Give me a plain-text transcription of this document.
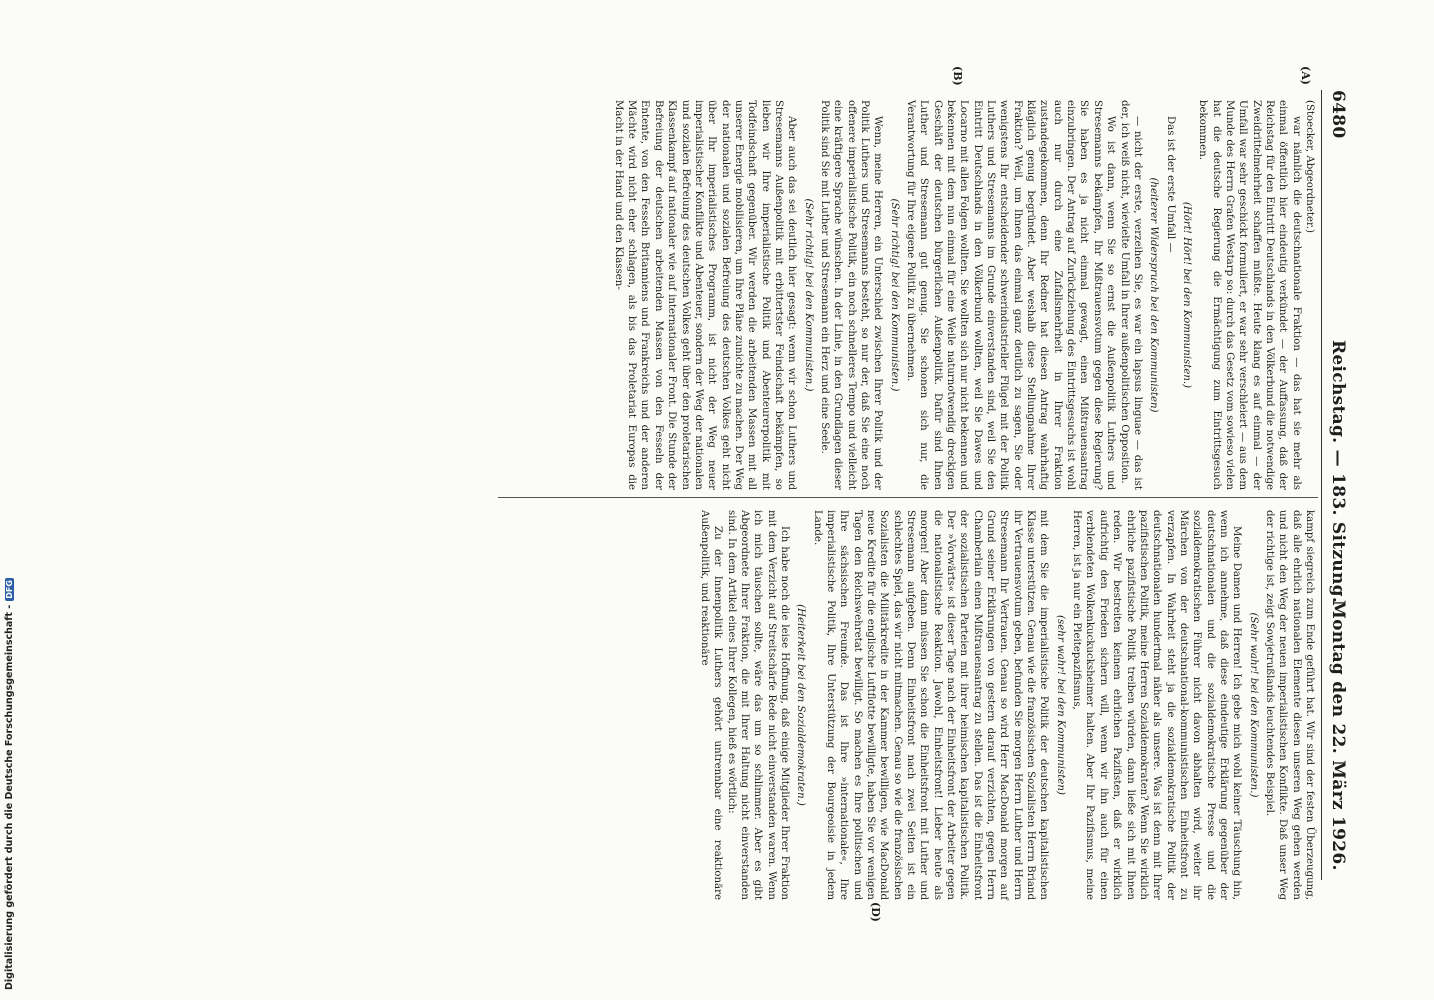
6480
Reichstag. — 183. Sitzung.
Montag den 22. März 1926.
(A)
(B)
(D)

(Stoecker, Abgeordneter.)

war nämlich die deutschnationale Fraktion — das hat sie mehr als einmal öffentlich hier eindeutig verkündet — der Auffassung, daß der Reichstag für den Eintritt Deutschlands in den Völkerbund die notwendige Zweidrittelmehrheit schaffen müßte. Heute klang es auf einmal — der Umfall war sehr geschickt formuliert, er war sehr verschleiert — aus dem Munde des Herrn Grafen Westarp so: durch das Gesetz vom sowieso vielen hat die deutsche Regierung die Ermächtigung zum Eintrittsgesuch bekommen.

(Hört! Hört! bei den Kommunisten.)

Das ist der erste Umfall —

(heiterer Widerspruch bei den Kommunisten)

— nicht der erste, verzeihen Sie, es war ein lapsus linguae — das ist der, ich weiß nicht, wievielte Umfall in Ihrer außenpolitischen Opposition.

Wo ist dann, wenn Sie so ernst die Außenpolitik Luthers und Stresemanns bekämpfen, Ihr Mißtrauensvotum gegen diese Regierung? Sie haben es ja nicht einmal gewagt, einen Mißtrauensantrag einzubringen. Der Antrag auf Zurückziehung des Eintrittsgesuchs ist wohl auch nur durch eine Zufallsmehrheit in Ihrer Fraktion zustandegekommen, denn Ihr Redner hat diesen Antrag wahrhaftig kläglich genug begründet. Aber weshalb diese Stellungnahme Ihrer Fraktion? Weil, um Ihnen das einmal ganz deutlich zu sagen, Sie oder wenigstens Ihr entscheidender schwerindustrieller Flügel mit der Politik Luthers und Stresemanns im Grunde einverstanden sind, weil Sie den Eintritt Deutschlands in den Völkerbund wollten, weil Sie Dawes und Locarno mit allen Folgen wollten. Sie wollten sich nur nicht bekennen und bekennen mit dem nun einmal für eine Weile naturnotwendig dreckigen Geschäft der deutschen bürgerlichen Außenpolitik. Dafür sind Ihnen Luther und Stresemann gut genug. Sie schonen sich nur, die Verantwortung für Ihre eigene Politik zu übernehmen.

(Sehr richtig! bei den Kommunisten.)

Wenn, meine Herren, ein Unterschied zwischen Ihrer Politik und der Politik Luthers und Stresemanns besteht, so nur der, daß Sie eine noch offenere imperialistische Politik, ein noch schnelleres Tempo und vielleicht eine kräftigere Sprache wünschen. In der Linie, in den Grundlagen dieser Politik sind Sie mit Luther und Stresemann ein Herz und eine Seele.

(Sehr richtig! bei den Kommunisten.)

Aber auch das sei deutlich hier gesagt: wenn wir schon Luthers und Stresemanns Außenpolitik mit erbittertster Feindschaft bekämpfen, so lieben wir Ihre imperialistische Politik und Abenteurerpolitik mit Todfeindschaft gegenüber. Wir werden die arbeitenden Massen mit all unserer Energie mobilisieren, um Ihre Pläne zunichte zu machen. Der Weg der nationalen und sozialen Befreiung des deutschen Volkes geht nicht über Ihr imperialistisches Programm, ist nicht der Weg neuer imperialistischer Konflikte und Abenteuer, sondern der Weg der nationalen und sozialen Befreiung des deutschen Volkes geht über den proletarischen Klassenkampf auf nationaler wie auf internationaler Front. Die Stunde der Befreiung der deutschen arbeitenden Massen von den Fesseln der Entente, von den Fesseln Britanniens und Frankreichs und der anderen Mächte wird nicht eher schlagen, als bis das Proletariat Europas die Macht in der Hand und den Klassen-

kampf siegreich zum Ende geführt hat. Wir sind der festen Überzeugung, daß alle ehrlich nationalen Elemente diesen unseren Weg gehen werden und nicht den Weg der neuen imperialistischen Konflikte. Daß unser Weg der richtige ist, zeigt Sowjetrußlands leuchtendes Beispiel.

(Sehr wahr! bei den Kommunisten.)

Meine Damen und Herren! Ich gebe mich wohl keiner Täuschung hin, wenn ich annehme, daß diese eindeutige Erklärung gegenüber der deutschnationalen und die sozialdemokratische Presse und die sozialdemokratischen Führer nicht davon abhalten wird, weiter ihr Märchen von der deutschnational-kommunistischen Einheitsfront zu verzapfen. In Wahrheit steht ja die sozialdemokratische Politik der deutschnationalen hundertmal näher als unsere. Was ist denn mit Ihrer pazifistischen Politik, meine Herren Sozialdemokraten? Wenn Sie wirklich ehrliche pazifistische Politik treiben würden, dann ließe sich mit Ihnen reden. Wir bestreiten keinem ehrlichen Pazifisten, daß er wirklich aufrichtig den Frieden sichern will, wenn wir ihn auch für einen verblendeten Wolkenkuckucksheimer halten. Aber Ihr Pazifismus, meine Herren, ist ja nur ein Pleitepazifismus,

(sehr wahr! bei den Kommunisten)

mit dem Sie die imperialistische Politik der deutschen kapitalistischen Klasse unterstützen. Genau wie die französischen Sozialisten Herrn Briand ihr Vertrauensvotum geben, befunden Sie morgen Herrn Luther und Herrn Stresemann Ihr Vertrauen. Genau so wird Herr MacDonald morgen auf Grund seiner Erklärungen von gestern darauf verzichten, gegen Herrn Chamberlain einen Mißtrauensantrag zu stellen. Das ist die Einheitsfront der sozialistischen Parteien mit ihrer heimischen kapitalistischen Politik. Der »Vorwärts« ist dieser Tage nach der Einheitsfront der Arbeiter gegen die nationalistische Reaktion. Jawohl, Einheitsfront! Lieber heute als morgen! Aber dann müssen Sie schon die Einheitsfront mit Luther und Stresemann aufgeben. Denn Einheitsfront nach zwei Seiten ist ein schlechtes Spiel, das wir nicht mitmachen. Genau so wie die französischen Sozialisten die Militärkredite in der Kammer bewilligen, wie MacDonald neue Kredite für die englische Luftflotte bewilligte, haben Sie vor wenigen Tagen den Reichswehretat bewilligt. So machen es Ihre politischen und Ihre sächsischen Freunde. Das ist Ihre »internationale«, Ihre imperialistische Politik, Ihre Unterstützung der Bourgeoisie in jedem Lande.

(Heiterkeit bei den Sozialdemokraten.)

Ich habe noch die leise Hoffnung, daß einige Mitglieder Ihrer Fraktion mit dem Verzicht auf Streitschärfe Rede nicht einverstanden waren. Wenn ich mich täuschen sollte, wäre das um so schlimmer. Aber es gibt Abgeordnete Ihrer Fraktion, die mit Ihrer Haltung nicht einverstanden sind. In dem Artikel eines Ihrer Kollegen, hieß es wörtlich:

Zu der Innenpolitik Luthers gehört untrennbar eine reaktionäre Außenpolitik, und reaktionäre

Digitalisierung gefördert durch die Deutsche Forschungsgemeinschaft -DFG
